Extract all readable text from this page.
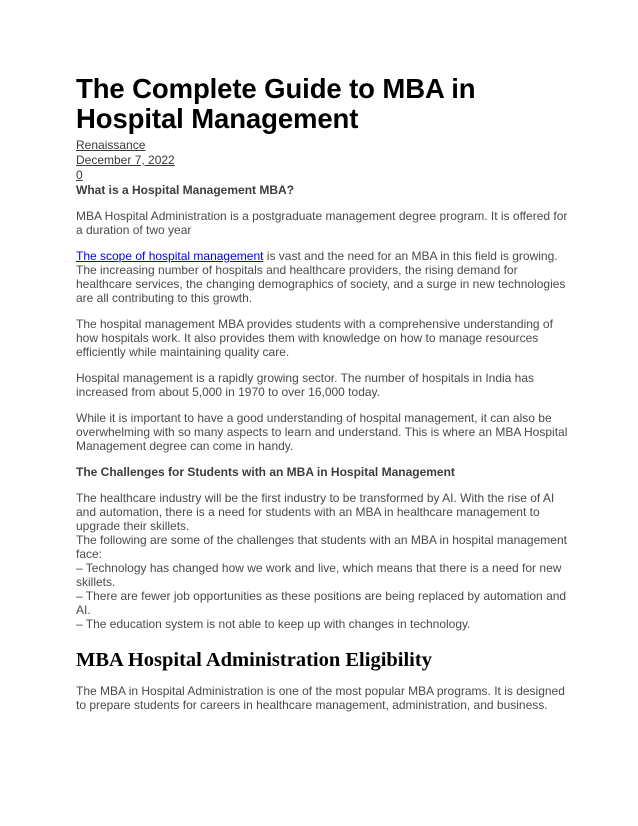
The Complete Guide to MBA in Hospital Management
Renaissance
December 7, 2022
0
What is a Hospital Management MBA?

MBA Hospital Administration is a postgraduate management degree program. It is offered for a duration of two year

The scope of hospital management is vast and the need for an MBA in this field is growing. The increasing number of hospitals and healthcare providers, the rising demand for healthcare services, the changing demographics of society, and a surge in new technologies are all contributing to this growth.

The hospital management MBA provides students with a comprehensive understanding of how hospitals work. It also provides them with knowledge on how to manage resources efficiently while maintaining quality care.

Hospital management is a rapidly growing sector. The number of hospitals in India has increased from about 5,000 in 1970 to over 16,000 today.

While it is important to have a good understanding of hospital management, it can also be overwhelming with so many aspects to learn and understand. This is where an MBA Hospital Management degree can come in handy.

The Challenges for Students with an MBA in Hospital Management

The healthcare industry will be the first industry to be transformed by AI. With the rise of AI and automation, there is a need for students with an MBA in healthcare management to upgrade their skillets.

The following are some of the challenges that students with an MBA in hospital management face:

– Technology has changed how we work and live, which means that there is a need for new skillets.

– There are fewer job opportunities as these positions are being replaced by automation and AI.

– The education system is not able to keep up with changes in technology.

MBA Hospital Administration Eligibility

The MBA in Hospital Administration is one of the most popular MBA programs. It is designed to prepare students for careers in healthcare management, administration, and business.
